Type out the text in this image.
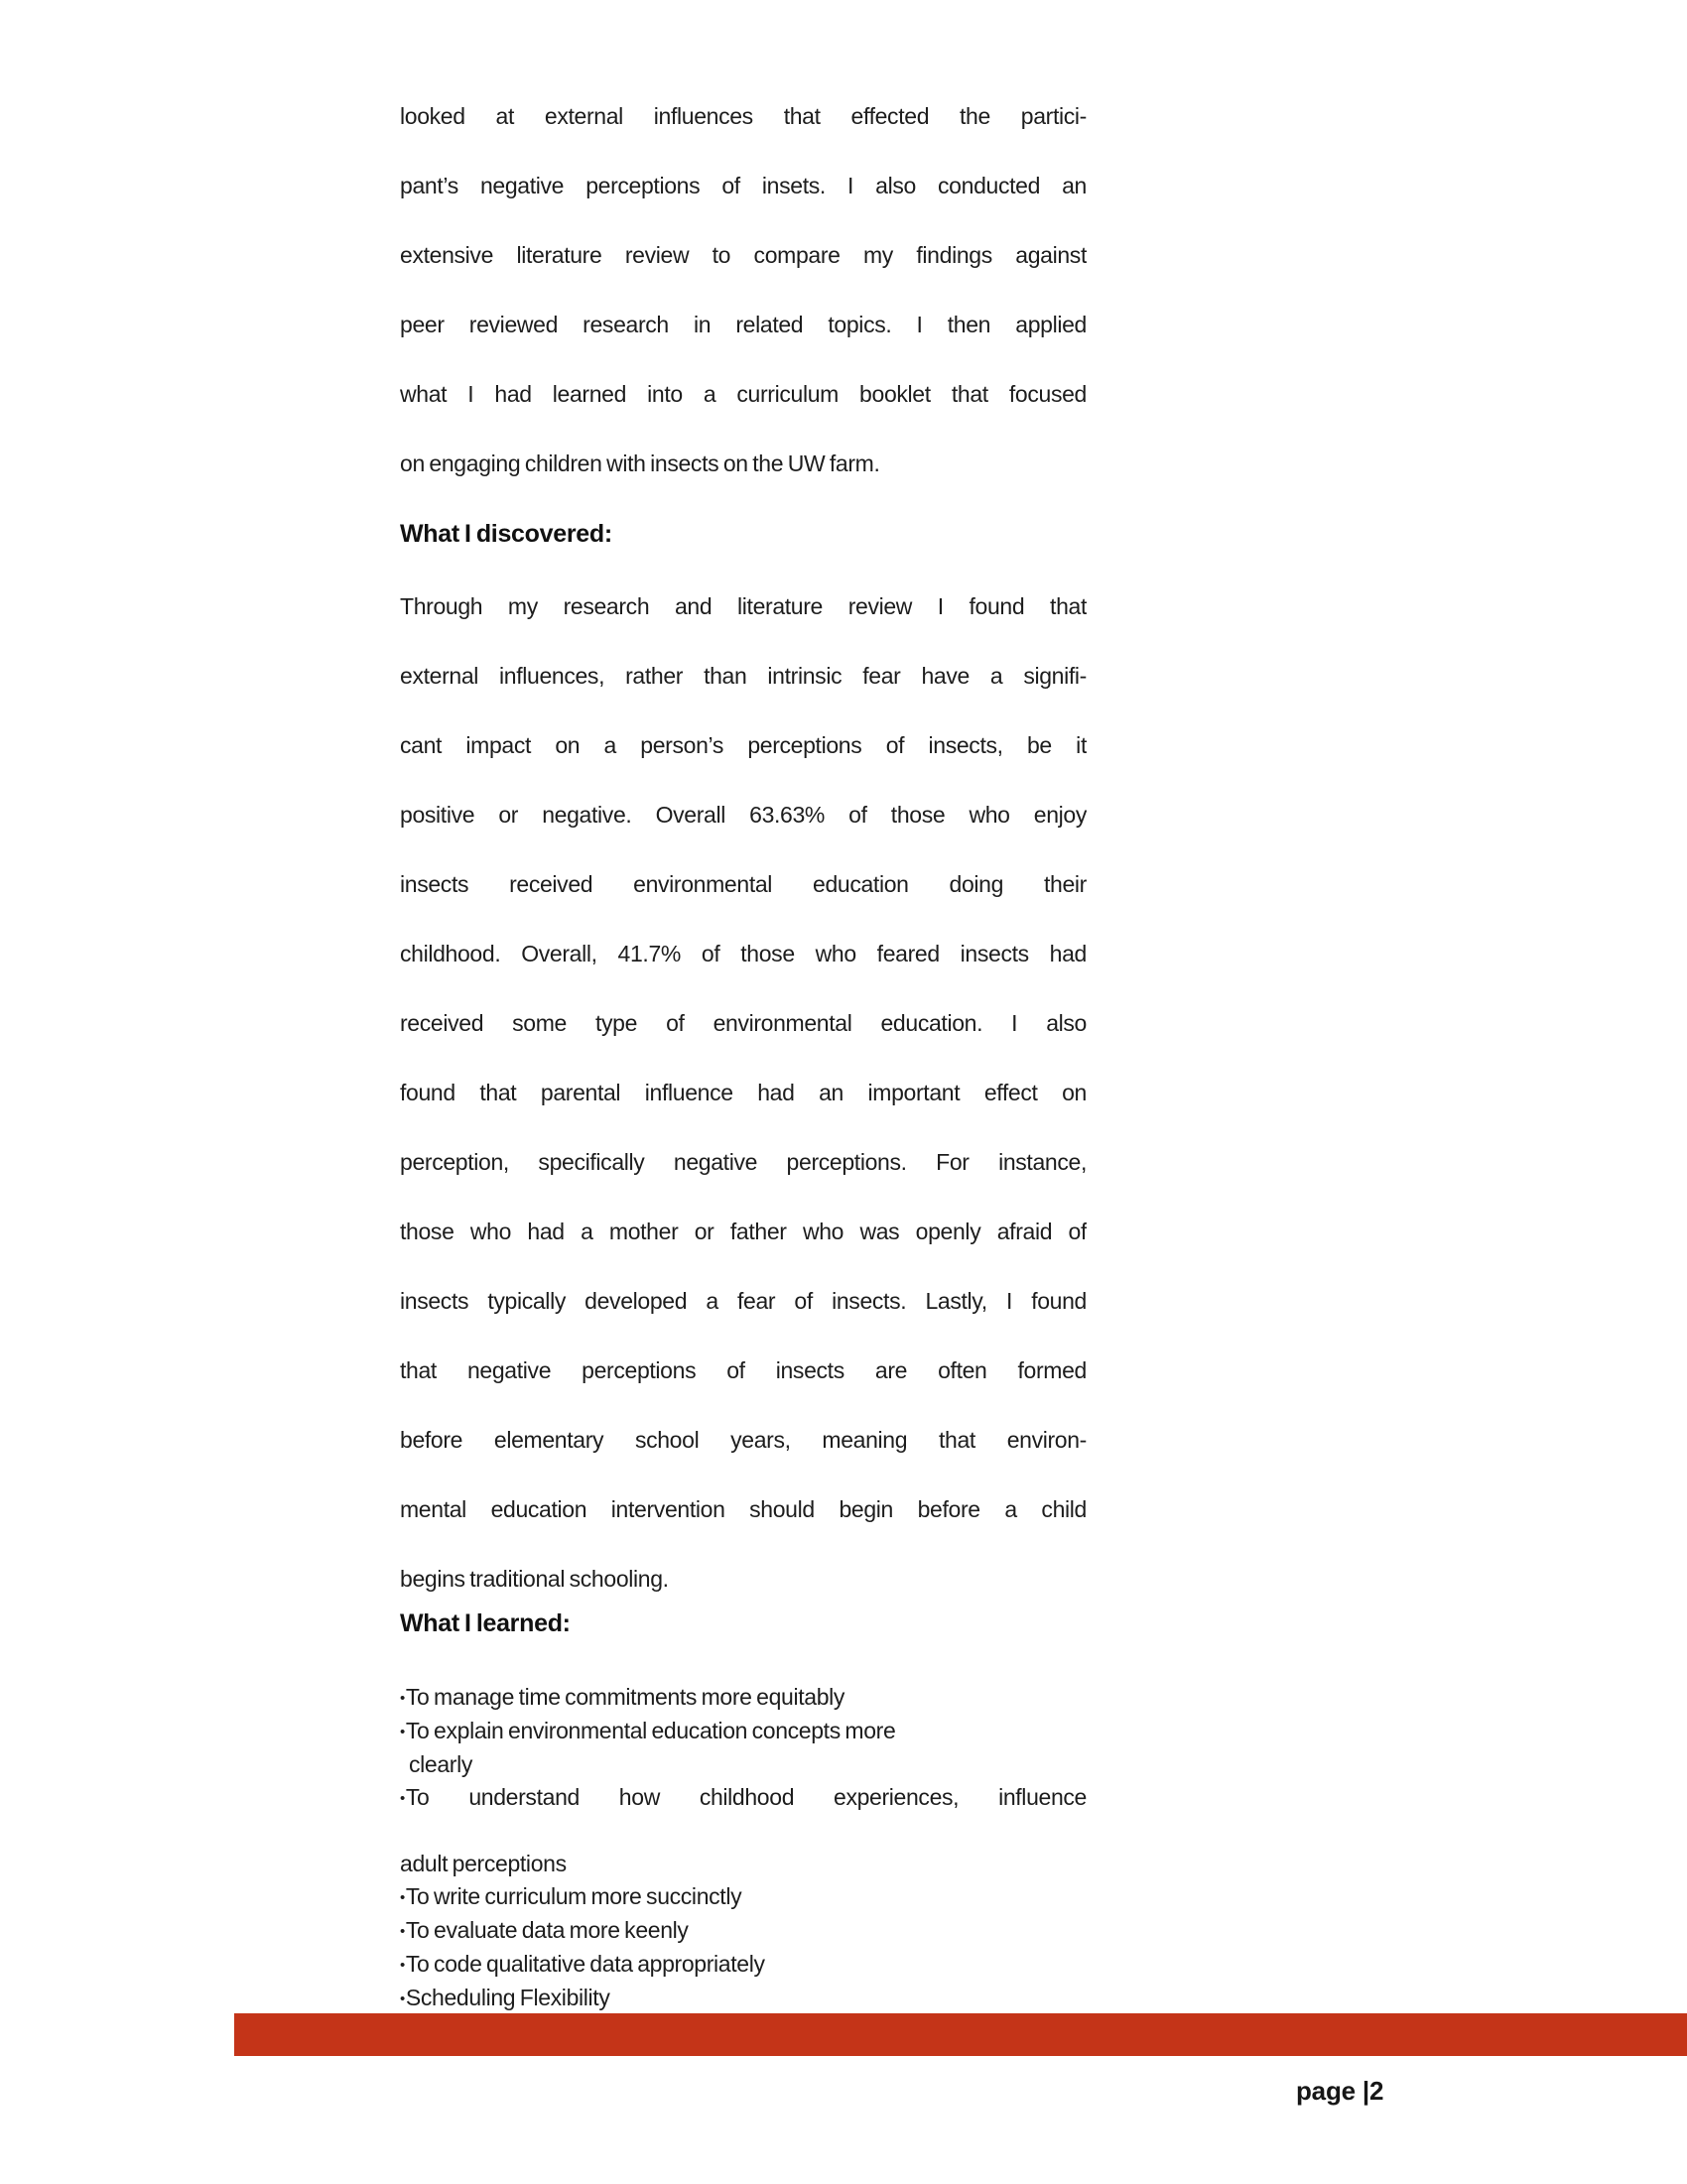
looked at external influences that effected the partici-
pant’s negative perceptions of insets. I also conducted an
extensive literature review to compare my findings against
peer reviewed research in related topics. I then applied
what I had learned into a curriculum booklet that focused
on engaging children with insects on the UW farm.
What I discovered:
Through my research and literature review I found that
external influences, rather than intrinsic fear have a signifi-
cant impact on a person’s perceptions of insects, be it
positive or negative. Overall 63.63% of those who enjoy
insects received environmental education doing their
childhood. Overall, 41.7% of those who feared insects had
received some type of environmental education. I also
found that parental influence had an important effect on
perception, specifically negative perceptions. For instance,
those who had a mother or father who was openly afraid of
insects typically developed a fear of insects. Lastly, I found
that negative perceptions of insects are often formed
before elementary school years, meaning that environ-
mental education intervention should begin before a child
begins traditional schooling.
What I learned:
•To manage time commitments more equitably
•To explain environmental education concepts more
clearly
•To understand how childhood experiences, influence
adult perceptions
•To write curriculum more succinctly
•To evaluate data more keenly
•To code qualitative data appropriately
•Scheduling Flexibility
page |2
